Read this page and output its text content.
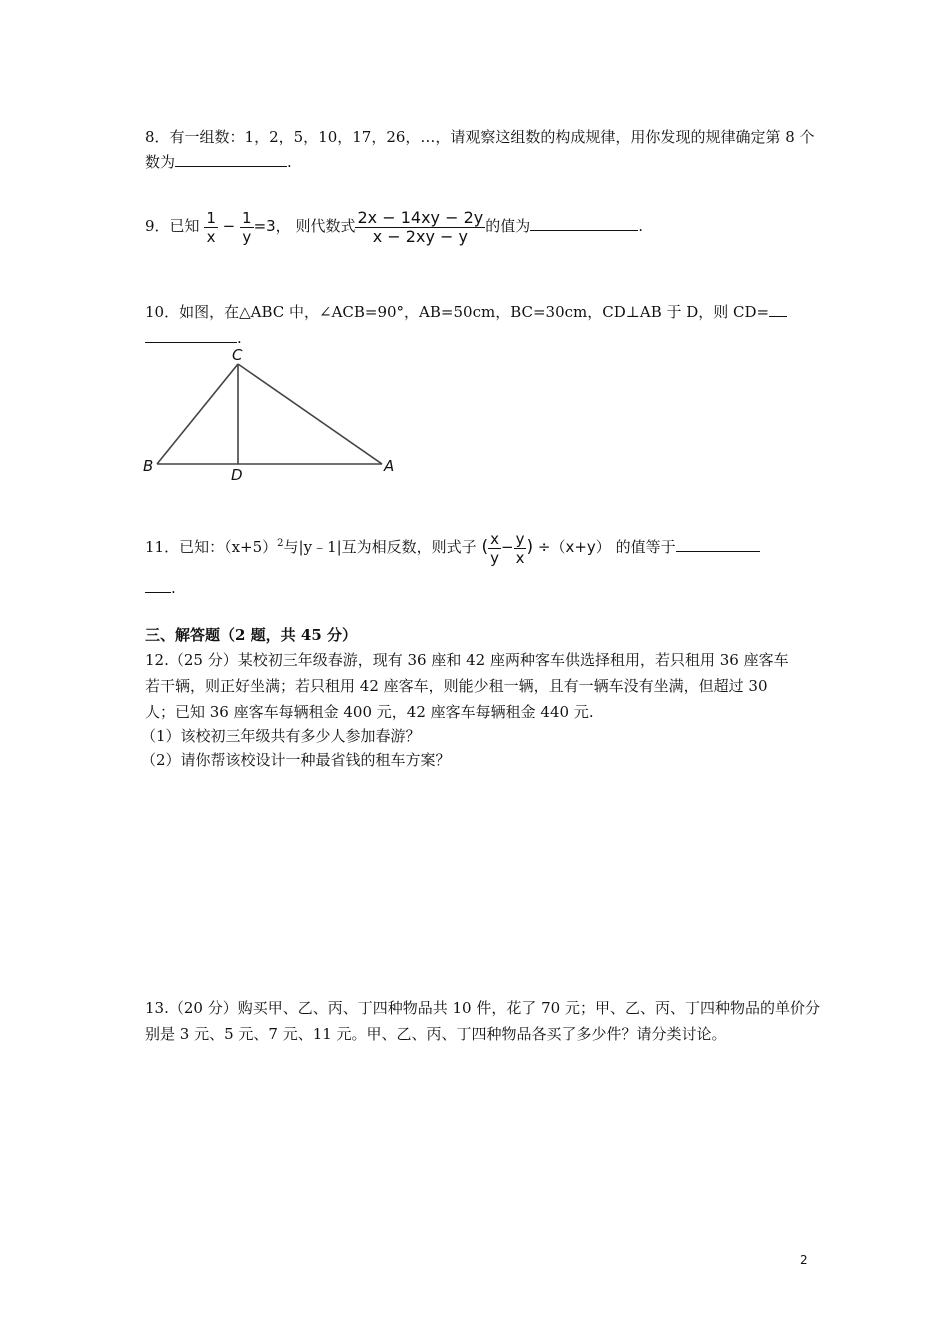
8．有一组数：1，2，5，10，17，26，…，请观察这组数的构成规律，用你发现的规律确定第 8 个
数为	.
9．已知 $\frac{1}{x} - \frac{1}{y} =3$， 则代数式 $\frac{2x - 14xy - 2y}{x - 2xy - y}$ 的值为	.
10．如图，在△ABC 中，∠ACB=90°，AB=50cm，BC=30cm，CD⊥AB 于 D，则 CD=
.
C
B	D	A
11．已知：$(x+5)^2$与|y﹣1|互为相反数，则式子 ( $\frac{x}{y} - \frac{y}{x}$ ) ÷（x+y） 的值等于
.
三、解答题（2 题，共 45 分）
12.（25 分）某校初三年级春游，现有 36 座和 42 座两种客车供选择租用，若只租用 36 座客车
若干辆，则正好坐满；若只租用 42 座客车，则能少租一辆，且有一辆车没有坐满，但超过 30
人；已知 36 座客车每辆租金 400 元，42 座客车每辆租金 440 元.
（1）该校初三年级共有多少人参加春游？
（2）请你帮该校设计一种最省钱的租车方案？
13.（20 分）购买甲、乙、丙、丁四种物品共 10 件，花了 70 元；甲、乙、丙、丁四种物品的单价分
别是 3 元、5 元、7 元、11 元。甲、乙、丙、丁四种物品各买了多少件？请分类讨论。
2
